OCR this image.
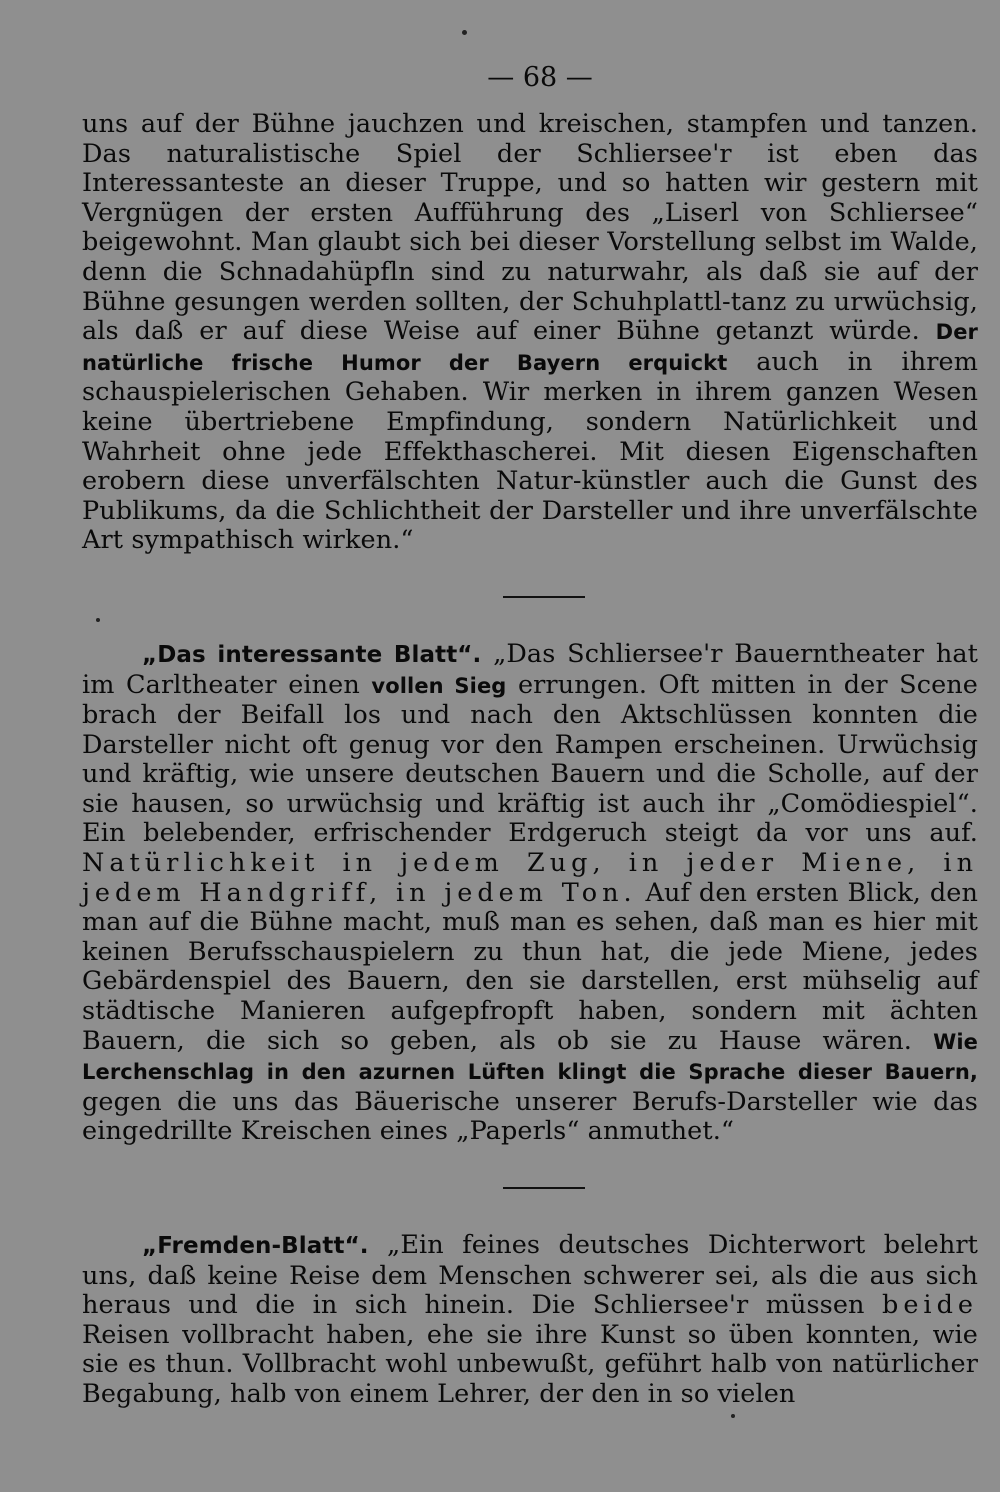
— 68 —

uns auf der Bühne jauchzen und kreischen, stampfen und tanzen. Das naturalistische Spiel der Schliersee'r ist eben das Interessanteste an dieser Truppe, und so hatten wir gestern mit Vergnügen der ersten Aufführung des „Liserl von Schliersee“ beigewohnt. Man glaubt sich bei dieser Vorstellung selbst im Walde, denn die Schnadahüpfln sind zu naturwahr, als daß sie auf der Bühne gesungen werden sollten, der Schuhplattl-tanz zu urwüchsig, als daß er auf diese Weise auf einer Bühne getanzt würde. Der natürliche frische Humor der Bayern erquickt auch in ihrem schauspielerischen Gehaben. Wir merken in ihrem ganzen Wesen keine übertriebene Empfindung, sondern Natürlichkeit und Wahrheit ohne jede Effekthascherei. Mit diesen Eigenschaften erobern diese unverfälschten Natur-künstler auch die Gunst des Publikums, da die Schlichtheit der Darsteller und ihre unverfälschte Art sympathisch wirken.“

„Das interessante Blatt“. „Das Schliersee'r Bauerntheater hat im Carltheater einen vollen Sieg errungen. Oft mitten in der Scene brach der Beifall los und nach den Aktschlüssen konnten die Darsteller nicht oft genug vor den Rampen erscheinen. Urwüchsig und kräftig, wie unsere deutschen Bauern und die Scholle, auf der sie hausen, so urwüchsig und kräftig ist auch ihr „Comödiespiel“. Ein belebender, erfrischender Erdgeruch steigt da vor uns auf. Natürlichkeit in jedem Zug, in jeder Miene, in jedem Handgriff, in jedem Ton. Auf den ersten Blick, den man auf die Bühne macht, muß man es sehen, daß man es hier mit keinen Berufsschauspielern zu thun hat, die jede Miene, jedes Gebärdenspiel des Bauern, den sie darstellen, erst mühselig auf städtische Manieren aufgepfropft haben, sondern mit ächten Bauern, die sich so geben, als ob sie zu Hause wären. Wie Lerchenschlag in den azurnen Lüften klingt die Sprache dieser Bauern, gegen die uns das Bäuerische unserer Berufs-Darsteller wie das eingedrillte Kreischen eines „Paperls“ anmuthet.“

„Fremden-Blatt“. „Ein feines deutsches Dichterwort belehrt uns, daß keine Reise dem Menschen schwerer sei, als die aus sich heraus und die in sich hinein. Die Schliersee'r müssen beide Reisen vollbracht haben, ehe sie ihre Kunst so üben konnten, wie sie es thun. Vollbracht wohl unbewußt, geführt halb von natürlicher Begabung, halb von einem Lehrer, der den in so vielen
